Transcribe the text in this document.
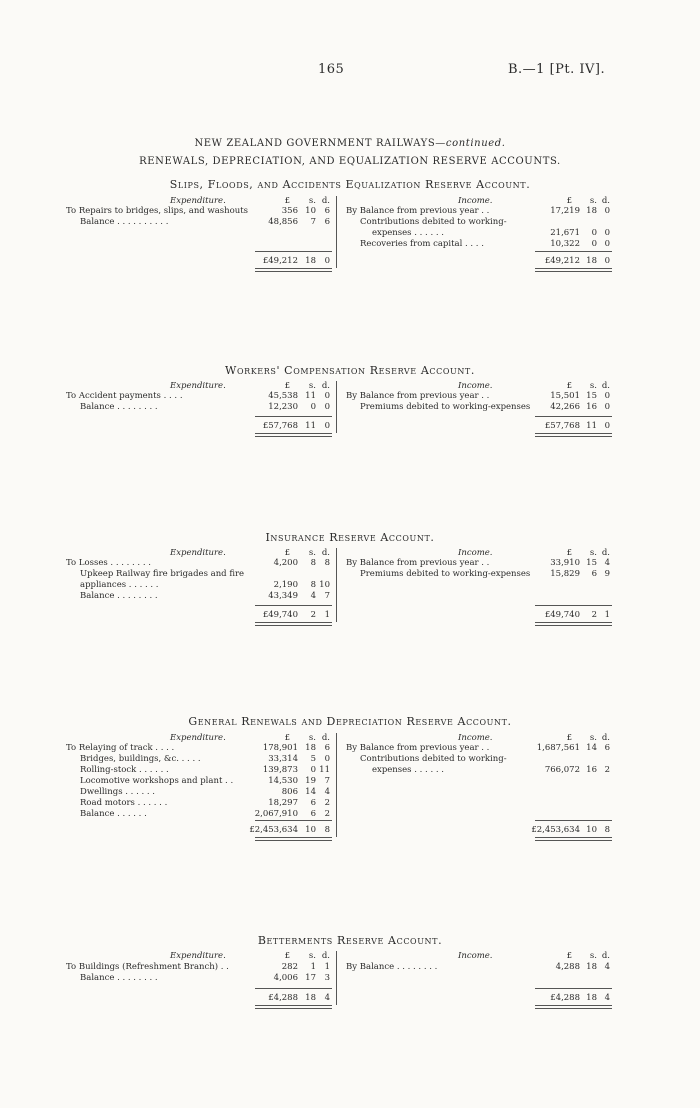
165	B.—1 [Pt. IV].
NEW ZEALAND GOVERNMENT RAILWAYS—continued.
RENEWALS, DEPRECIATION, AND EQUALIZATION RESERVE ACCOUNTS.
Slips, Floods, and Accidents Equalization Reserve Account.
Expenditure.	£	s. d.	Income.	£	s. d.
To Repairs to bridges, slips, and washouts	356 10	6
Balance . . . . . . . . . .	48,856	7	6
By Balance from previous year . .	17,219 18 0
Contributions debited to working-
expenses . . . . . .	21,671	0 0
Recoveries from capital . . . .	10,322	0 0
£49,212 18	0	£49,212 18 0
Workers' Compensation Reserve Account.
Expenditure.	£	s. d.	Income.	£	s. d.
To Accident payments . . . .	45,538 11	0
Balance . . . . . . . .	12,230	0	0
By Balance from previous year . .	15,501 15 0
Premiums debited to working-expenses	42,266 16 0
£57,768 11	0	£57,768 11 0
Insurance Reserve Account.
Expenditure.	£	s. d.	Income.	£	s. d.
To Losses . . . . . . . .	4,200	8	8
Upkeep Railway fire brigades and fire
appliances . . . . . .	2,190	8 10
Balance . . . . . . . .	43,349	4	7
By Balance from previous year . .	33,910 15 4
Premiums debited to working-expenses	15,829	6 9
£49,740	2	1	£49,740	2 1
General Renewals and Depreciation Reserve Account.
Expenditure.	£	s. d.	Income.	£	s. d.
To Relaying of track . . . .	178,901 18	6
Bridges, buildings, &c. . . . .	33,314	5	0
Rolling-stock . . . . . .	139,873	0 11
Locomotive workshops and plant . .	14,530 19	7
Dwellings . . . . . .	806 14	4
Road motors . . . . . .	18,297	6	2
Balance . . . . . .	2,067,910	6	2
By Balance from previous year . .	1,687,561 14 6
Contributions debited to working-
expenses . . . . . .	766,072 16 2
£2,453,634 10	8	£2,453,634 10 8
Betterments Reserve Account.
Expenditure.	£	s. d.	Income.	£	s. d.
To Buildings (Refreshment Branch) . .	282	1	1
Balance . . . . . . . .	4,006 17	3
By Balance . . . . . . . .	4,288 18 4
£4,288 18	4	£4,288 18 4
